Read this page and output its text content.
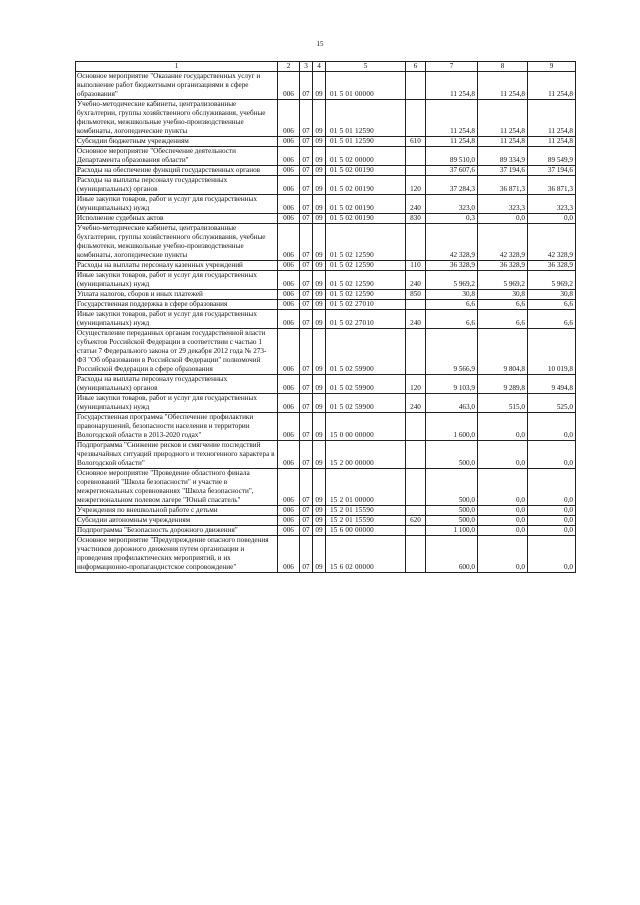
15
1	2	3	4	5	6	7	8	9
Основное мероприятие "Оказание государственных услуг и выполнение работ бюджетными организациями в сфере образования"	006	07	09	01 5 01 00000		11 254,8	11 254,8	11 254,8
Учебно-методические кабинеты, централизованные бухгалтерии, группы хозяйственного обслуживания, учебные фильмотеки, межшкольные учебно-производственные комбинаты, логопедические пункты	006	07	09	01 5 01 12590		11 254,8	11 254,8	11 254,8
Субсидии бюджетным учреждениям	006	07	09	01 5 01 12590	610	11 254,8	11 254,8	11 254,8
Основное мероприятие "Обеспечение деятельности Департамента образования области"	006	07	09	01 5 02 00000		89 510,0	89 334,9	89 549,9
Расходы на обеспечение функций государственных органов	006	07	09	01 5 02 00190		37 607,6	37 194,6	37 194,6
Расходы на выплаты персоналу государственных (муниципальных) органов	006	07	09	01 5 02 00190	120	37 284,3	36 871,3	36 871,3
Иные закупки товаров, работ и услуг для государственных (муниципальных) нужд	006	07	09	01 5 02 00190	240	323,0	323,3	323,3
Исполнение судебных актов	006	07	09	01 5 02 00190	830	0,3	0,0	0,0
Учебно-методические кабинеты, централизованные бухгалтерии, группы хозяйственного обслуживания, учебные фильмотеки, межшкольные учебно-производственные комбинаты, логопедические пункты	006	07	09	01 5 02 12590		42 328,9	42 328,9	42 328,9
Расходы на выплаты персоналу казенных учреждений	006	07	09	01 5 02 12590	110	36 328,9	36 328,9	36 328,9
Иные закупки товаров, работ и услуг для государственных (муниципальных) нужд	006	07	09	01 5 02 12590	240	5 969,2	5 969,2	5 969,2
Уплата налогов, сборов и иных платежей	006	07	09	01 5 02 12590	850	30,8	30,8	30,8
Государственная поддержка в сфере образования	006	07	09	01 5 02 27010		6,6	6,6	6,6
Иные закупки товаров, работ и услуг для государственных (муниципальных) нужд	006	07	09	01 5 02 27010	240	6,6	6,6	6,6
Осуществление переданных органам государственной власти субъектов Российской Федерации в соответствии с частью 1 статьи 7 Федерального закона от 29 декабря 2012 года № 273-ФЗ "Об образовании в Российской Федерации" полномочий Российской Федерации в сфере образования	006	07	09	01 5 02 59900		9 566,9	9 804,8	10 019,8
Расходы на выплаты персоналу государственных (муниципальных) органов	006	07	09	01 5 02 59900	120	9 103,9	9 289,8	9 494,8
Иные закупки товаров, работ и услуг для государственных (муниципальных) нужд	006	07	09	01 5 02 59900	240	463,0	515,0	525,0
Государственная программа "Обеспечение профилактики правонарушений, безопасности населения и территории Вологодской области в 2013-2020 годах"	006	07	09	15 0 00 00000		1 600,0	0,0	0,0
Подпрограмма "Снижение рисков и смягчение последствий чрезвычайных ситуаций природного и техногенного характера в Вологодской области"	006	07	09	15 2 00 00000		500,0	0,0	0,0
Основное мероприятие "Проведение областного финала соревнований "Школа безопасности" и участие в межрегиональных соревнованиях "Школа безопасности", межрегиональном полевом лагере "Юный спасатель"	006	07	09	15 2 01 00000		500,0	0,0	0,0
Учреждения по внешкольной работе с детьми	006	07	09	15 2 01 15590		500,0	0,0	0,0
Субсидии автономным учреждениям	006	07	09	15 2 01 15590	620	500,0	0,0	0,0
Подпрограмма "Безопасность дорожного движения"	006	07	09	15 6 00 00000		1 100,0	0,0	0,0
Основное мероприятие "Предупреждение опасного поведения участников дорожного движения путем организации и проведения профилактических мероприятий, и их информационно-пропагандистское сопровождение"	006	07	09	15 6 02 00000		600,0	0,0	0,0
